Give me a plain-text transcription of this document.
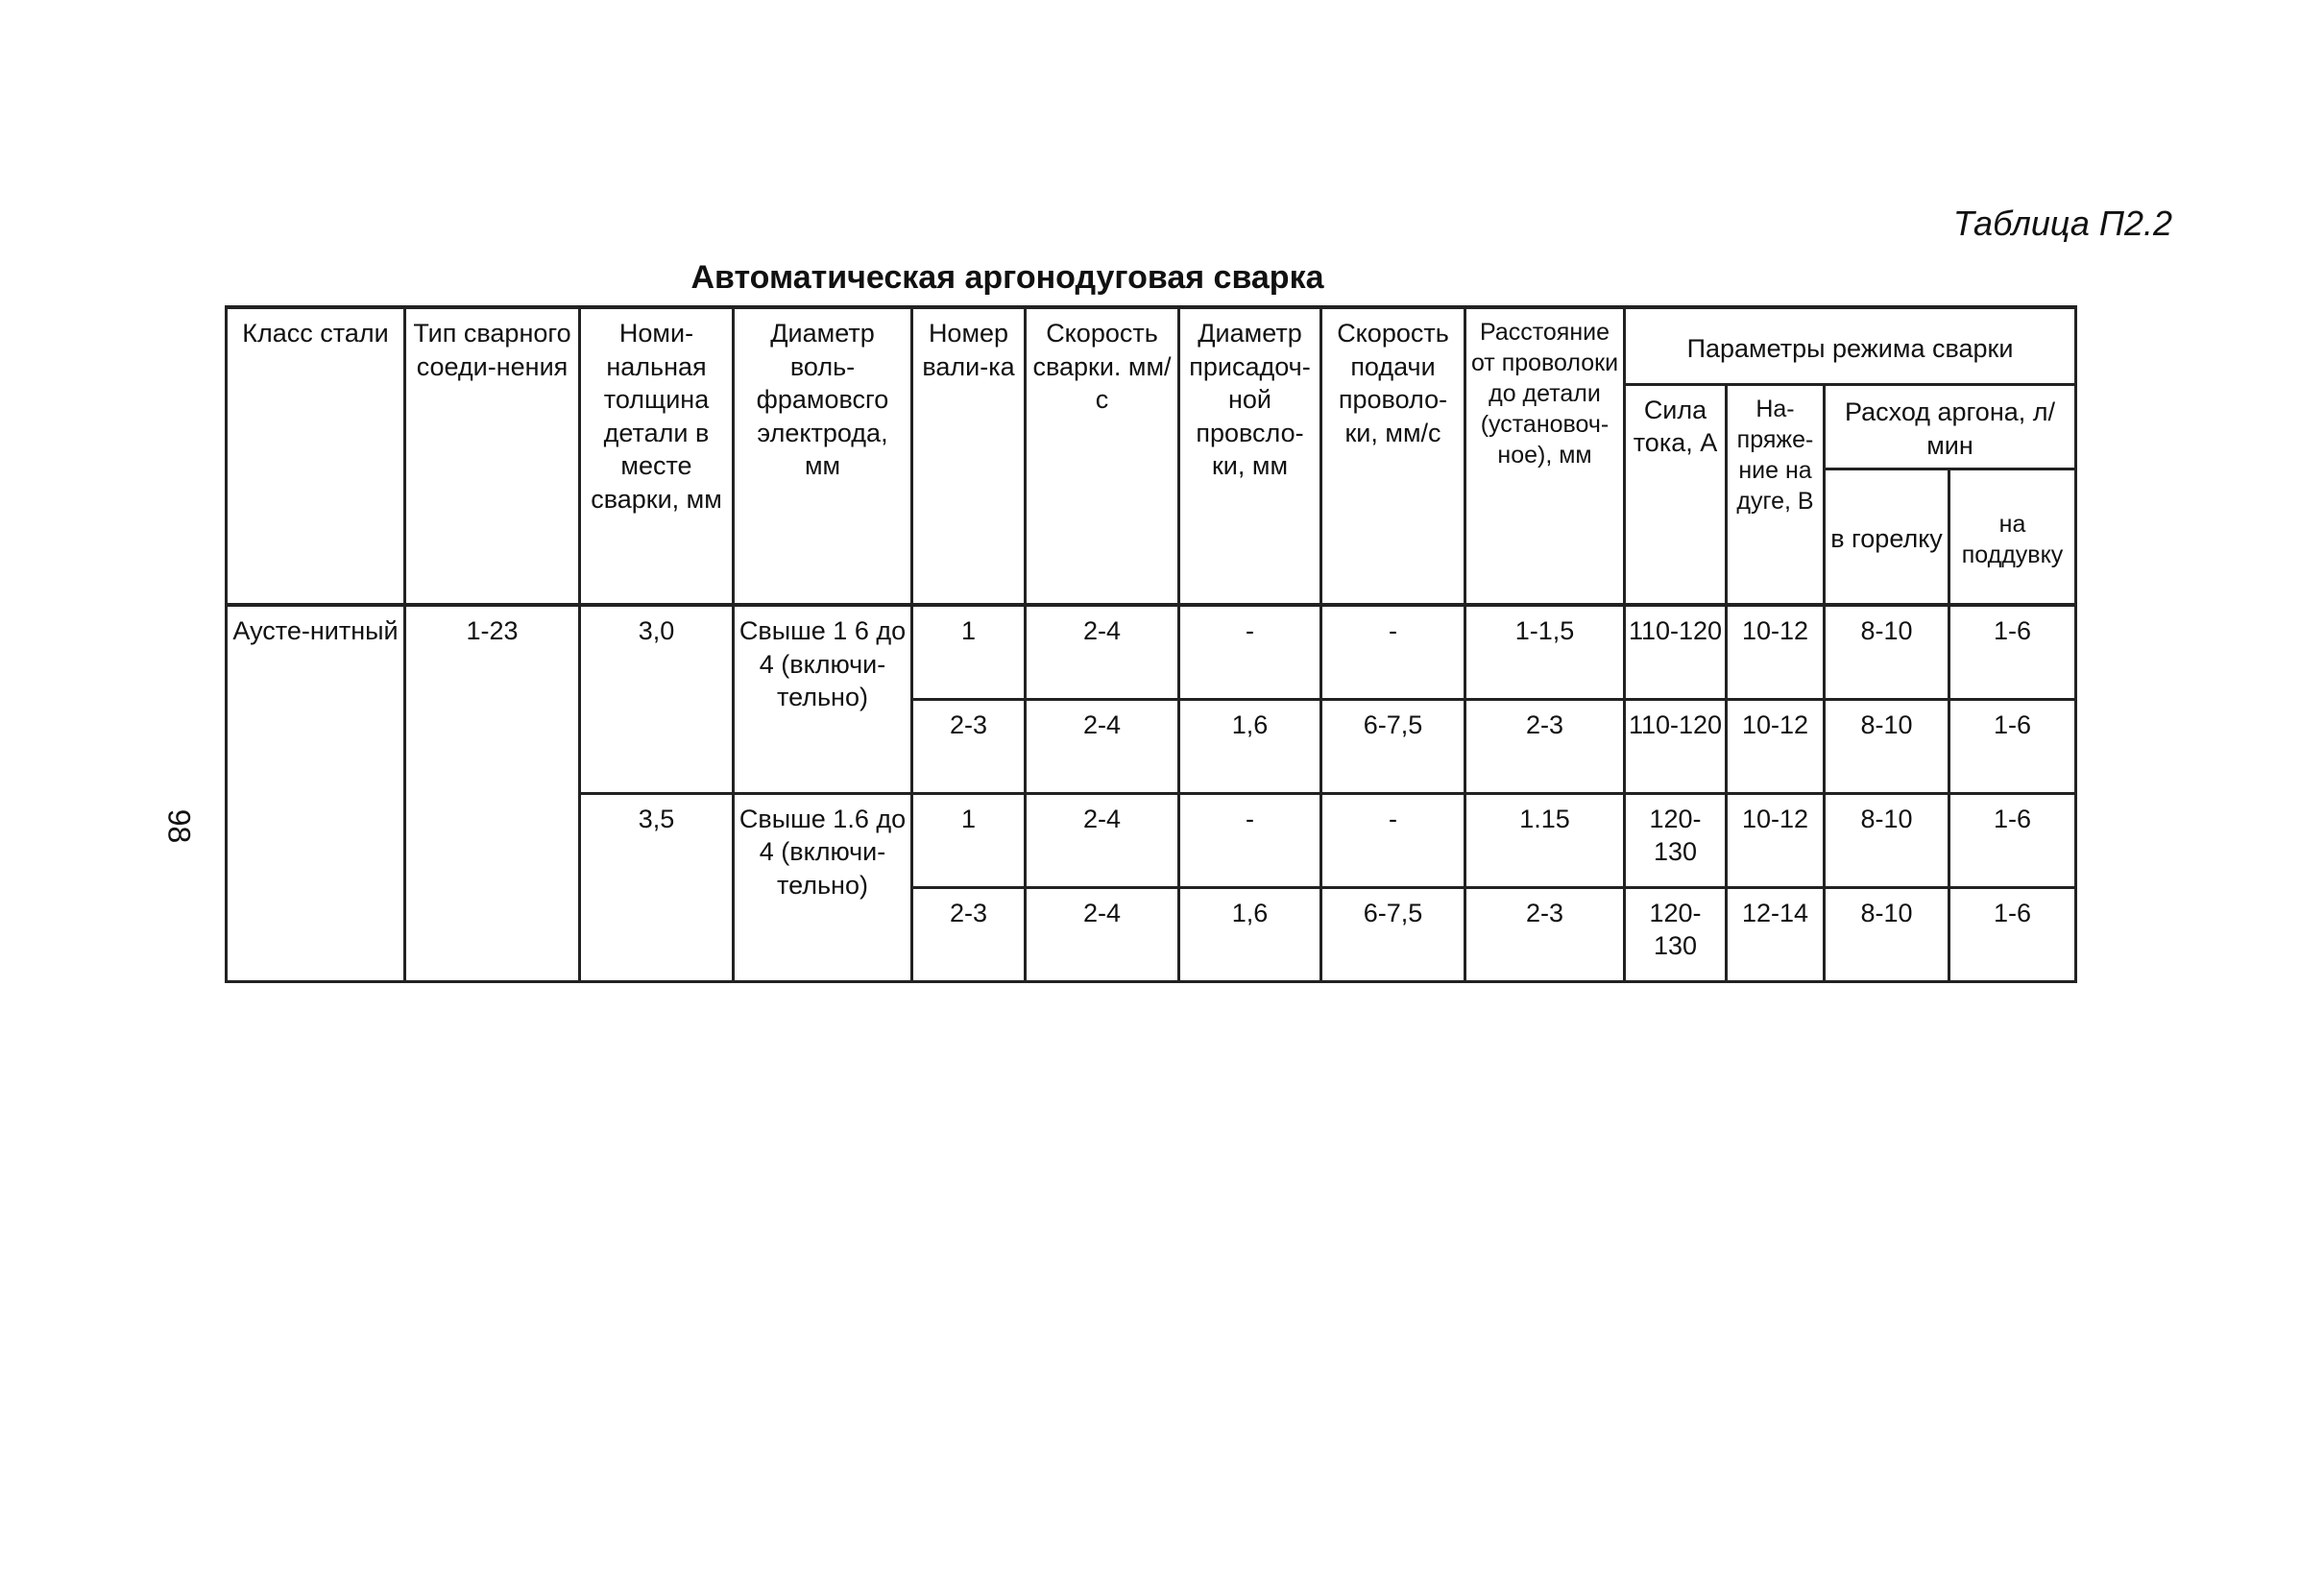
Таблица П2.2
Автоматическая аргонодуговая сварка
98
Класс стали	Тип сварного соеди-нения	Номи-нальная толщина детали в месте сварки, мм	Диаметр воль-фрамовсго электрода, мм	Номер вали-ка	Скорость сварки. мм/с	Диаметр присадоч-ной провсло-ки, мм	Скорость подачи проволо-ки, мм/с	Расстояние от проволоки до детали (установоч-ное), мм	Параметры режима сварки			
									Сила тока, А	На-пряже-ние на дуге, В	Расход аргона, л/мин	
											в горелку	на поддувку
Аусте-нитный	1-23	3,0	Свыше 1 6 до 4 (включи-тельно)	1	2-4	-	-	1-1,5	110-120	10-12	8-10	1-6
				2-3	2-4	1,6	6-7,5	2-3	110-120	10-12	8-10	1-6
		3,5	Свыше 1.6 до 4 (включи-тельно)	1	2-4	-	-	1.15	120-130	10-12	8-10	1-6
				2-3	2-4	1,6	6-7,5	2-3	120-130	12-14	8-10	1-6
